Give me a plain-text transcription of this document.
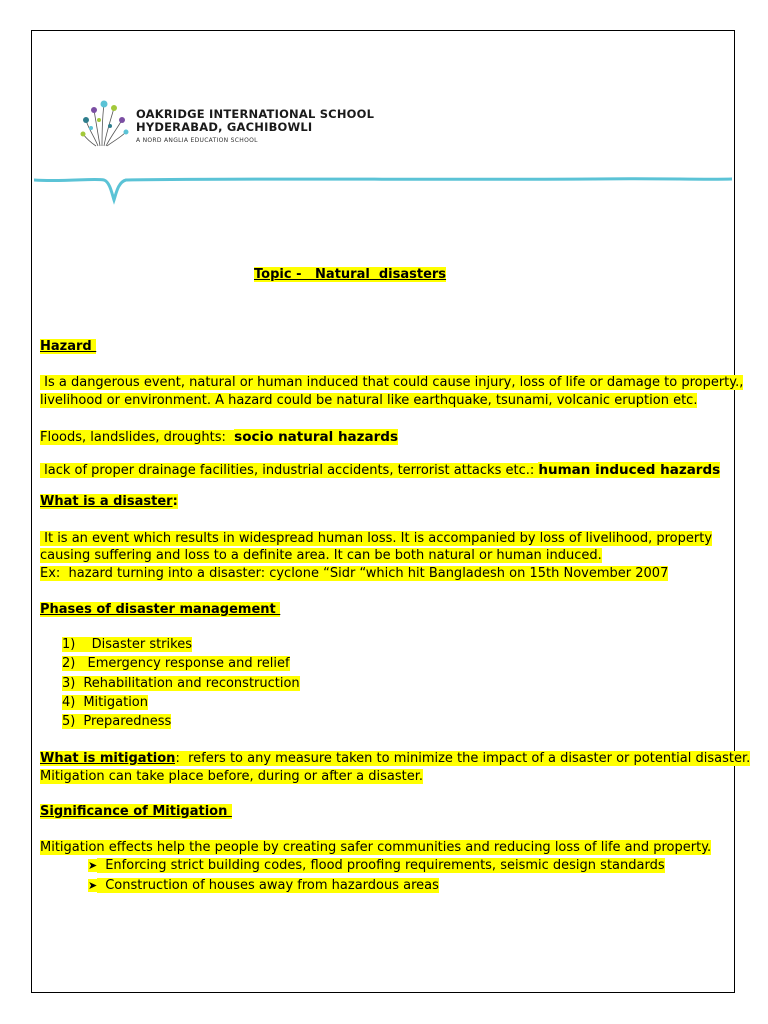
OAKRIDGE INTERNATIONAL SCHOOL
HYDERABAD, GACHIBOWLI
A NORD ANGLIA EDUCATION SCHOOL
Topic -   Natural  disasters
Hazard
Is a dangerous event, natural or human induced that could cause injury, loss of life or damage to property.,
livelihood or environment. A hazard could be natural like earthquake, tsunami, volcanic eruption etc.
Floods, landslides, droughts:  socio natural hazards
lack of proper drainage facilities, industrial accidents, terrorist attacks etc.: human induced hazards
What is a disaster:
It is an event which results in widespread human loss. It is accompanied by loss of livelihood, property
causing suffering and loss to a definite area. It can be both natural or human induced.
Ex:  hazard turning into a disaster: cyclone “Sidr “which hit Bangladesh on 15th November 2007
Phases of disaster management
1)  Disaster strikes
2) Emergency response and relief
3) Rehabilitation and reconstruction
4) Mitigation
5) Preparedness
What is mitigation:  refers to any measure taken to minimize the impact of a disaster or potential disaster.
Mitigation can take place before, during or after a disaster.
Significance of Mitigation
Mitigation effects help the people by creating safer communities and reducing loss of life and property.
➤ Enforcing strict building codes, flood proofing requirements, seismic design standards
➤ Construction of houses away from hazardous areas
